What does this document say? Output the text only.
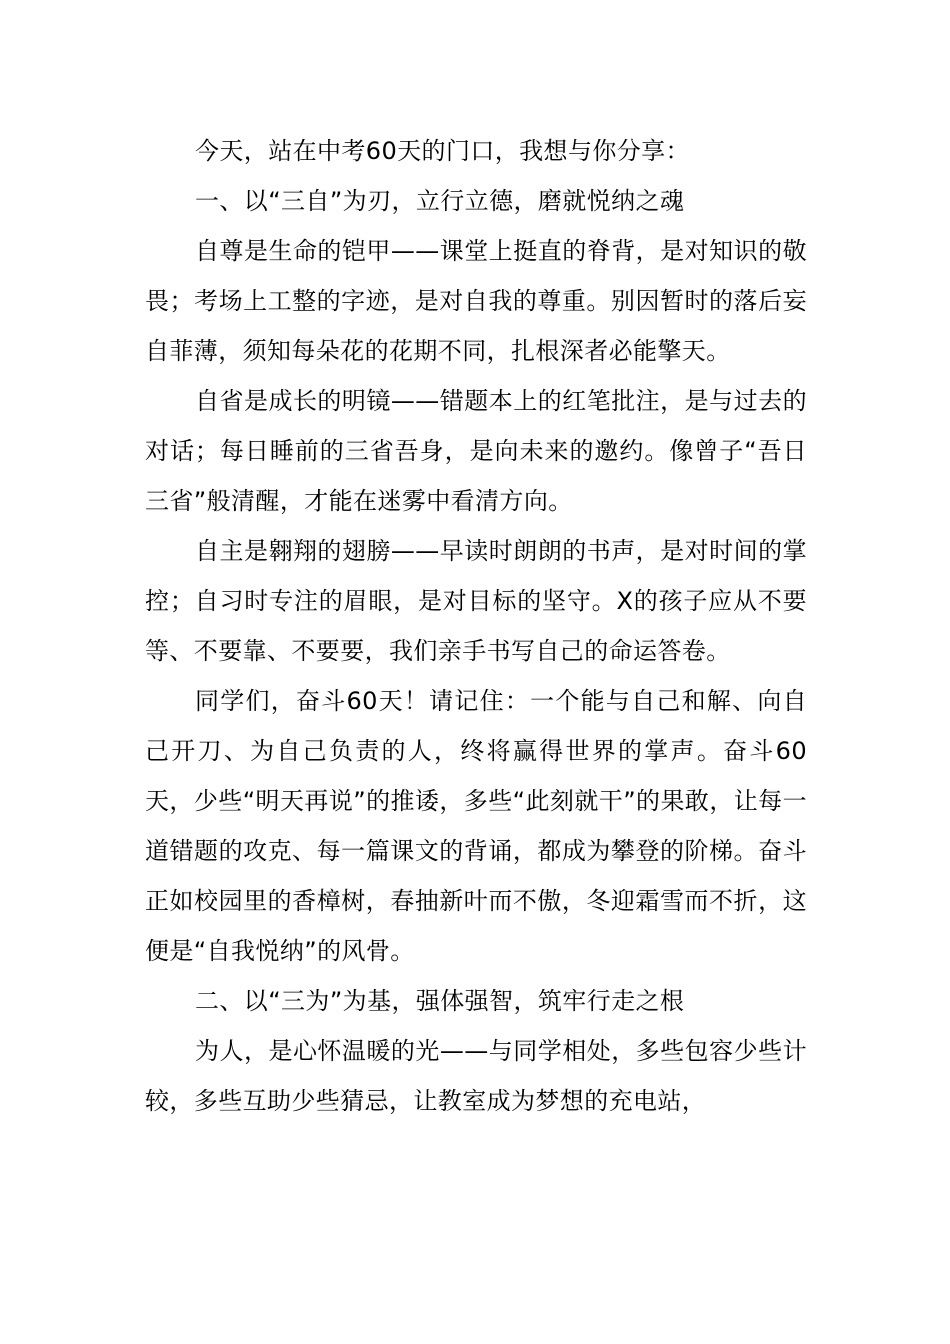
今天，站在中考60天的门口，我想与你分享：

一、以“三自”为刃，立行立德，磨就悦纳之魂

自尊是生命的铠甲——课堂上挺直的脊背，是对知识的敬畏；考场上工整的字迹，是对自我的尊重。别因暂时的落后妄自菲薄，须知每朵花的花期不同，扎根深者必能擎天。

自省是成长的明镜——错题本上的红笔批注，是与过去的对话；每日睡前的三省吾身，是向未来的邀约。像曾子“吾日三省”般清醒，才能在迷雾中看清方向。

自主是翱翔的翅膀——早读时朗朗的书声，是对时间的掌控；自习时专注的眉眼，是对目标的坚守。X的孩子应从不要等、不要靠、不要要，我们亲手书写自己的命运答卷。

同学们，奋斗60天！请记住：一个能与自己和解、向自己开刀、为自己负责的人，终将赢得世界的掌声。奋斗60天，少些“明天再说”的推诿，多些“此刻就干”的果敢，让每一道错题的攻克、每一篇课文的背诵，都成为攀登的阶梯。奋斗正如校园里的香樟树，春抽新叶而不傲，冬迎霜雪而不折，这便是“自我悦纳”的风骨。

二、以“三为”为基，强体强智，筑牢行走之根

为人，是心怀温暖的光——与同学相处，多些包容少些计较，多些互助少些猜忌，让教室成为梦想的充电站，
